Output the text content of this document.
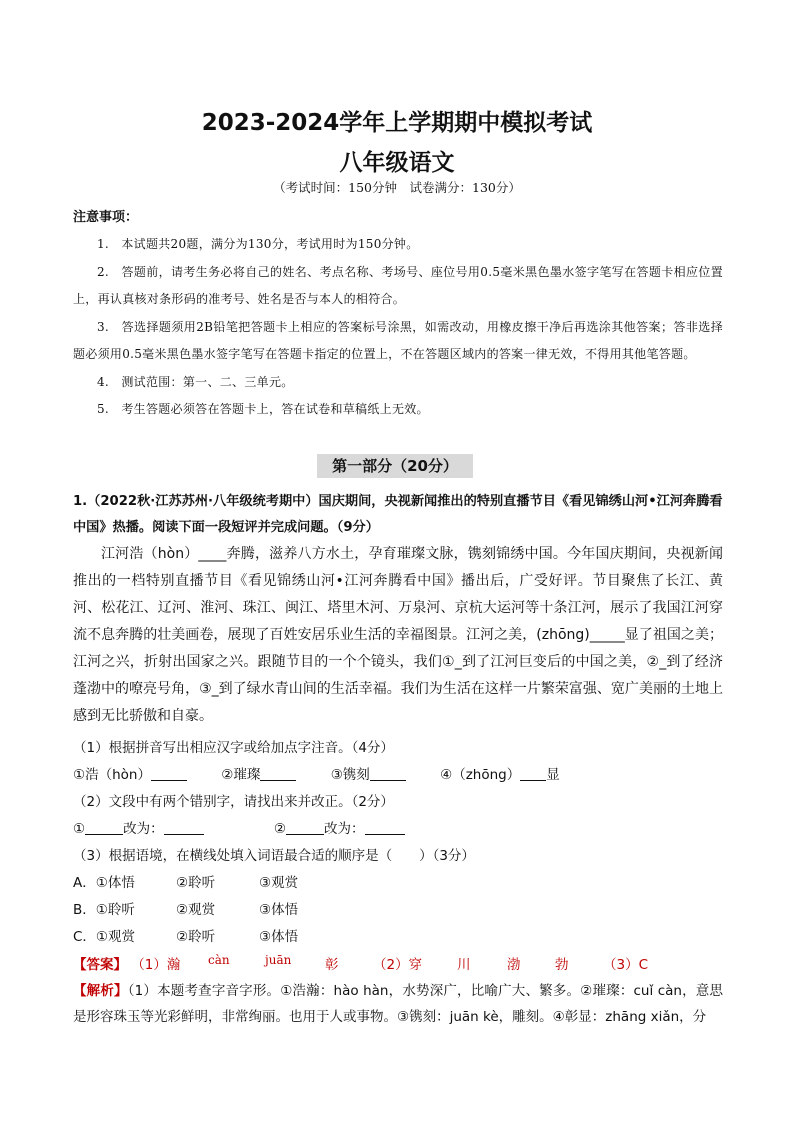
2023-2024学年上学期期中模拟考试
八年级语文
（考试时间：150分钟　试卷满分：130分）
注意事项：

1.　本试题共20题，满分为130分，考试用时为150分钟。

2.　答题前，请考生务必将自己的姓名、考点名称、考场号、座位号用0.5毫米黑色墨水签字笔写在答题卡相应位置上，再认真核对条形码的准考号、姓名是否与本人的相符合。

3.　答选择题须用2B铅笔把答题卡上相应的答案标号涂黑，如需改动，用橡皮擦干净后再选涂其他答案；答非选择题必须用0.5毫米黑色墨水签字笔写在答题卡指定的位置上，不在答题区域内的答案一律无效，不得用其他笔答题。

4.　测试范围：第一、二、三单元。

5.　考生答题必须答在答题卡上，答在试卷和草稿纸上无效。

第一部分（20分）
1.（2022秋·江苏苏州·八年级统考期中）国庆期间，央视新闻推出的特别直播节目《看见锦绣山河•江河奔腾看中国》热播。阅读下面一段短评并完成问题。（9分）

江河浩（hòn）____奔腾，滋养八方水土，孕育璀璨文脉，镌刻锦绣中国。今年国庆期间，央视新闻推出的一档特别直播节目《看见锦绣山河•江河奔腾看中国》播出后，广受好评。节目聚焦了长江、黄河、松花江、辽河、淮河、珠江、闽江、塔里木河、万泉河、京杭大运河等十条江河，展示了我国江河穿流不息奔腾的壮美画卷，展现了百姓安居乐业生活的幸福图景。江河之美，(zhōng)_____显了祖国之美；江河之兴，折射出国家之兴。跟随节目的一个个镜头，我们①_到了江河巨变后的中国之美，②_到了经济蓬渤中的嘹亮号角，③_到了绿水青山间的生活幸福。我们为生活在这样一片繁荣富强、宽广美丽的土地上感到无比骄傲和自豪。

（1）根据拼音写出相应汉字或给加点字注音。（4分）
①浩（hòn）	②璀璨	③镌刻	④（zhōng） 显
（2）文段中有两个错别字，请找出来并改正。（2分）
①	改为：	②	改为：
（3）根据语境，在横线处填入词语最合适的顺序是（　　）（3分）
A．①体悟	②聆听	③观赏
B．①聆听	②观赏	③体悟
C．①观赏	②聆听	③体悟
【答案】 （1）瀚 càn	juān 彰	（2）穿	川	渤	勃	（3）C

【解析】（1）本题考查字音字形。①浩瀚：hào hàn，水势深广，比喻广大、繁多。②璀璨：cuǐ càn，意思是形容珠玉等光彩鲜明，非常绚丽。也用于人或事物。③镌刻：juān kè，雕刻。④彰显：zhāng xiǎn，分
